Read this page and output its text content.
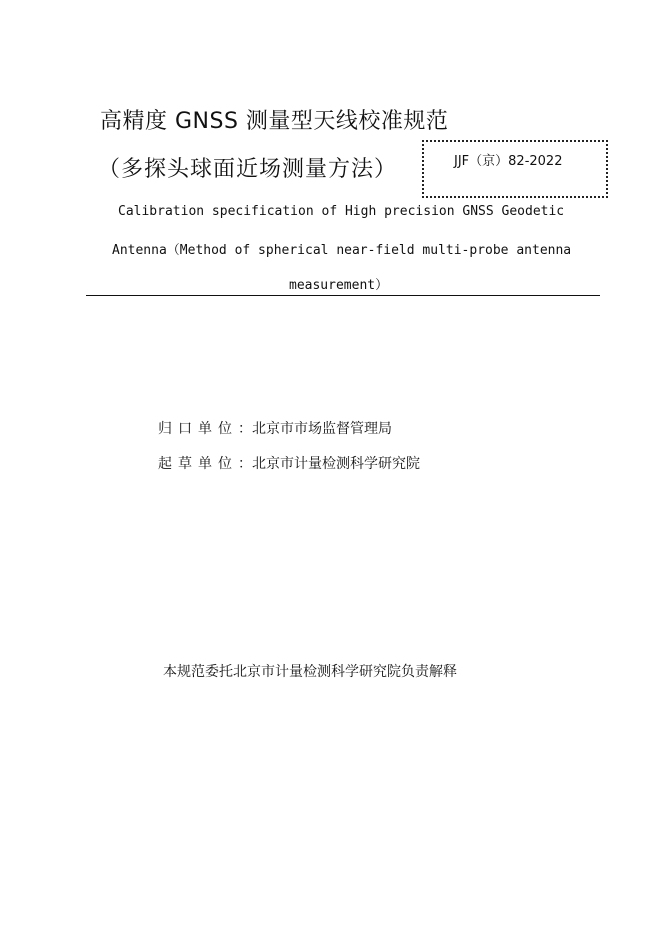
高精度 GNSS 测量型天线校准规范
（多探头球面近场测量方法）	JJF（京）82-2022
Calibration specification of High precision GNSS Geodetic
Antenna（Method of spherical near-field multi-probe antenna
measurement）
归口单位：北京市市场监督管理局
起草单位：北京市计量检测科学研究院
本规范委托北京市计量检测科学研究院负责解释
